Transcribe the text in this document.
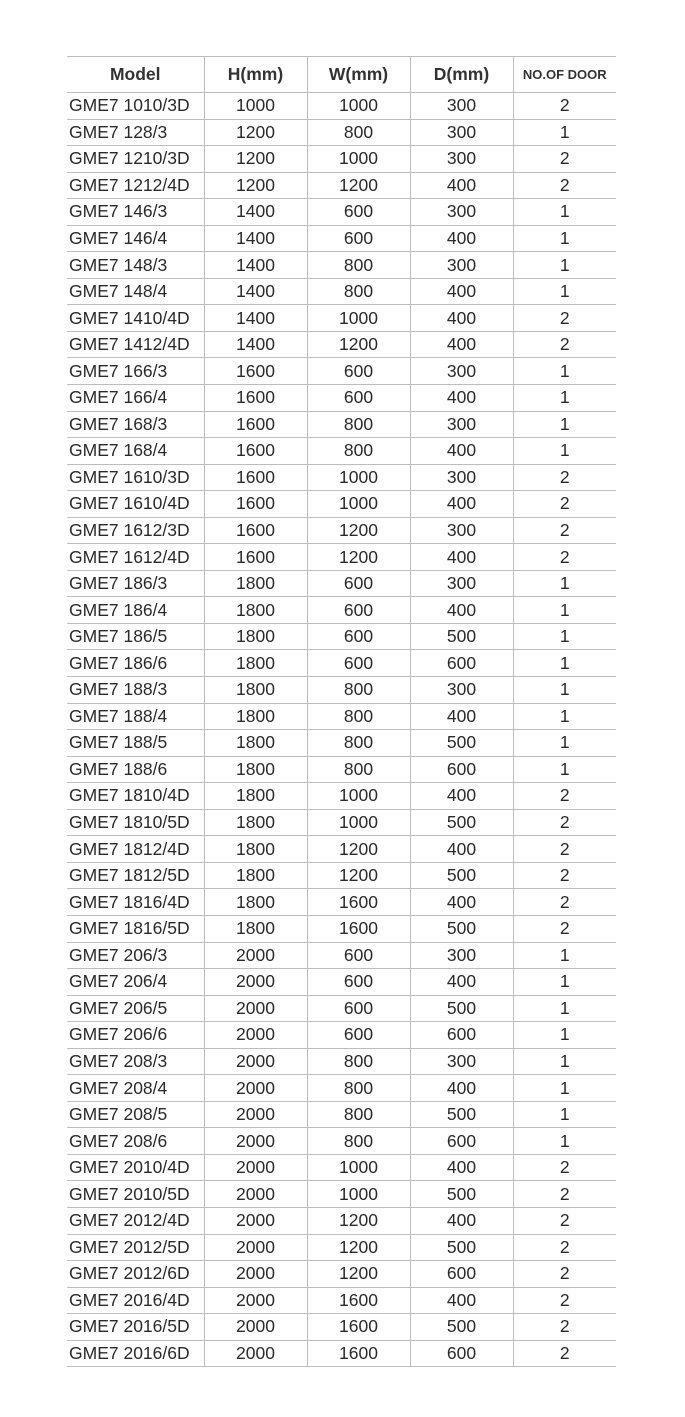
Model	H(mm)	W(mm)	D(mm)	NO.OF DOOR
GME7 1010/3D	1000	1000	300	2
GME7 128/3	1200	800	300	1
GME7 1210/3D	1200	1000	300	2
GME7 1212/4D	1200	1200	400	2
GME7 146/3	1400	600	300	1
GME7 146/4	1400	600	400	1
GME7 148/3	1400	800	300	1
GME7 148/4	1400	800	400	1
GME7 1410/4D	1400	1000	400	2
GME7 1412/4D	1400	1200	400	2
GME7 166/3	1600	600	300	1
GME7 166/4	1600	600	400	1
GME7 168/3	1600	800	300	1
GME7 168/4	1600	800	400	1
GME7 1610/3D	1600	1000	300	2
GME7 1610/4D	1600	1000	400	2
GME7 1612/3D	1600	1200	300	2
GME7 1612/4D	1600	1200	400	2
GME7 186/3	1800	600	300	1
GME7 186/4	1800	600	400	1
GME7 186/5	1800	600	500	1
GME7 186/6	1800	600	600	1
GME7 188/3	1800	800	300	1
GME7 188/4	1800	800	400	1
GME7 188/5	1800	800	500	1
GME7 188/6	1800	800	600	1
GME7 1810/4D	1800	1000	400	2
GME7 1810/5D	1800	1000	500	2
GME7 1812/4D	1800	1200	400	2
GME7 1812/5D	1800	1200	500	2
GME7 1816/4D	1800	1600	400	2
GME7 1816/5D	1800	1600	500	2
GME7 206/3	2000	600	300	1
GME7 206/4	2000	600	400	1
GME7 206/5	2000	600	500	1
GME7 206/6	2000	600	600	1
GME7 208/3	2000	800	300	1
GME7 208/4	2000	800	400	1
GME7 208/5	2000	800	500	1
GME7 208/6	2000	800	600	1
GME7 2010/4D	2000	1000	400	2
GME7 2010/5D	2000	1000	500	2
GME7 2012/4D	2000	1200	400	2
GME7 2012/5D	2000	1200	500	2
GME7 2012/6D	2000	1200	600	2
GME7 2016/4D	2000	1600	400	2
GME7 2016/5D	2000	1600	500	2
GME7 2016/6D	2000	1600	600	2
